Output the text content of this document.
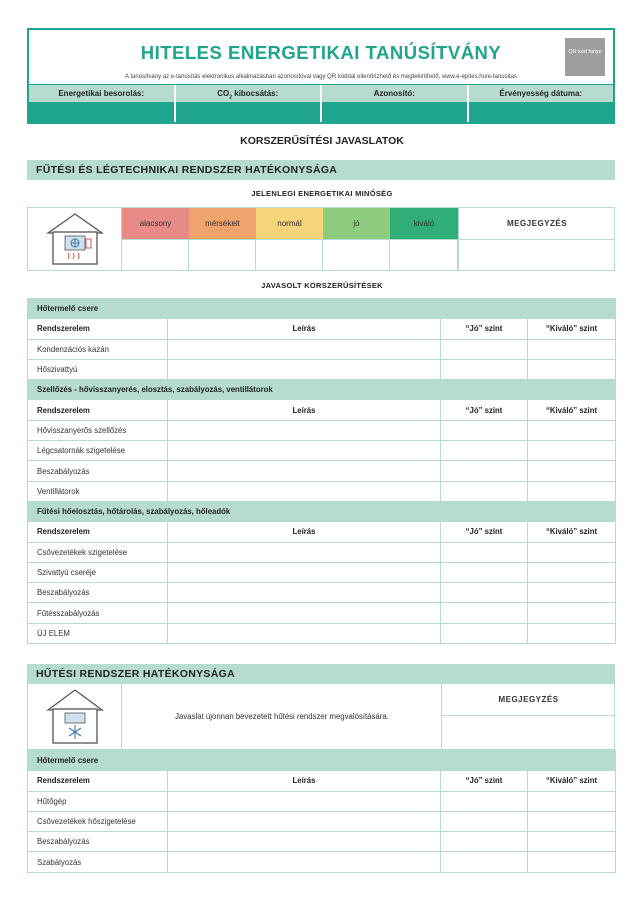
HITELES ENERGETIKAI TANÚSÍTVÁNY
A tanúsítvány az e-tanúsítás elektronikus alkalmazásban azonosítóval vagy QR kóddal ellenőrizhető és megtekinthető. www.e-epites.hu/e-tanusitas
QR kód helye
Energetikai besorolás:	$CO_2$ kibocsátás:	Azonosító:	Érvényesség dátuma:
KORSZERŰSÍTÉSI JAVASLATOK
FŰTÉSI ÉS LÉGTECHNIKAI RENDSZER HATÉKONYSÁGA
JELENLEGI ENERGETIKAI MINŐSÉG
alacsony	mérsékelt	normál	jó	kiváló	MEGJEGYZÉS
JAVASOLT KORSZERŰSÍTÉSEK
Hőtermelő csere			
Rendszerelem	Leírás	“Jó” szint	“Kiváló” szint
Kondenzációs kazán			
Hőszivattyú			
Szellőzés - hővisszanyerés, elosztás, szabályozás, ventillátorok			
Rendszerelem	Leírás	“Jó” szint	“Kiváló” szint
Hővisszanyerős szellőzés			
Légcsatornák szigetelése			
Beszabályozás			
Ventillátorok			
Fűtési hőelosztás, hőtárolás, szabályozás, hőleadók			
Rendszerelem	Leírás	“Jó” szint	“Kiváló” szint
Csővezetékek szigetelése			
Szivattyú cseréje			
Beszabályozás			
Fűtésszabályozás			
ÚJ ELEM			
HŰTÉSI RENDSZER HATÉKONYSÁGA
Javaslat újonnan bevezetett hűtési rendszer megvalósítására.
MEGJEGYZÉS
Hőtermelő csere			
Rendszerelem	Leírás	“Jó” szint	“Kiváló” szint
Hűtőgép			
Csővezetékek hőszigetelése			
Beszabályozás			
Szabályozás			
